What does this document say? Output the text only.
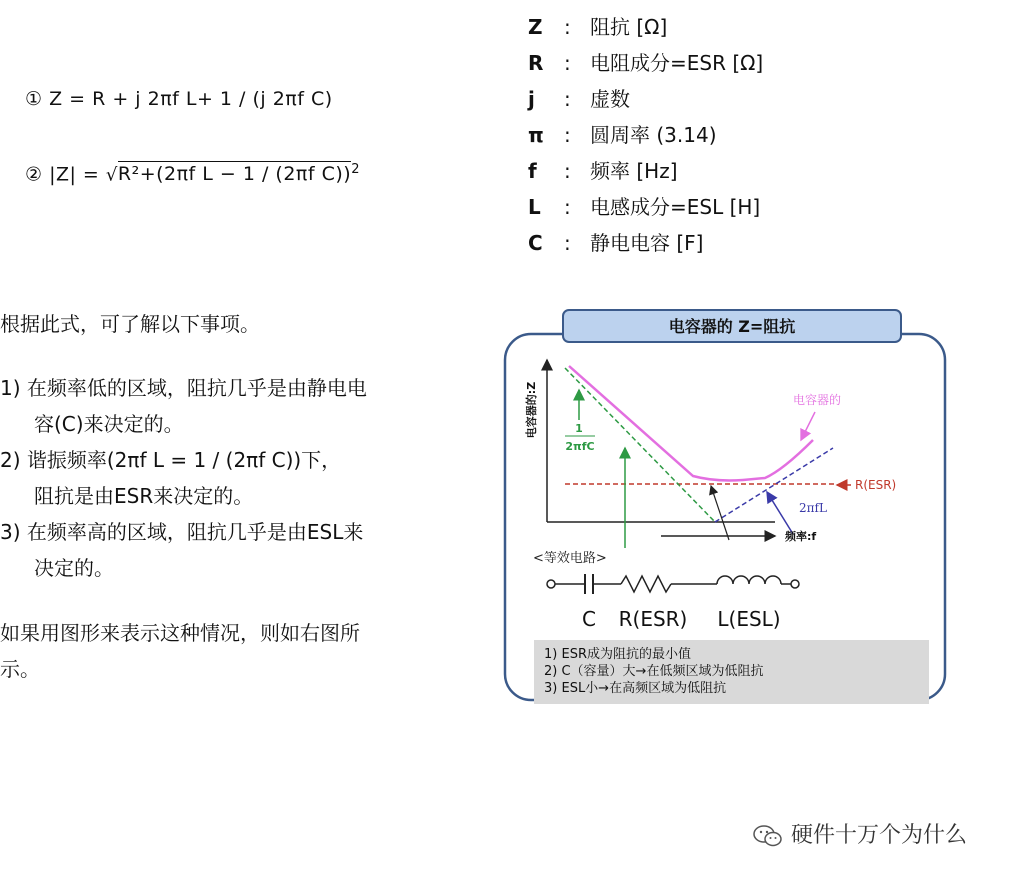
① Z = R + j 2πf L+ 1 / (j 2πf C)
② |Z| = √R²+(2πf L − 1 / (2πf C))$^2$
Z : 阻抗 [Ω]
R : 电阻成分=ESR [Ω]
j : 虚数
π : 圆周率 (3.14)
f : 频率 [Hz]
L : 电感成分=ESL [H]
C : 静电电容 [F]
根据此式，可了解以下事项。
1) 在频率低的区域，阻抗几乎是由静电电
容(C)来决定的。
2) 谐振频率(2πf L = 1 / (2πf C))下，
阻抗是由ESR来决定的。
3) 在频率高的区域，阻抗几乎是由ESL来
决定的。
如果用图形来表示这种情况，则如右图所
示。
电容器的 Z=阻抗
电容器的:Z	电容器的
R(ESR)
2πfL
1
2πfC
频率:f
<等效电路>
C R(ESR) L(ESL)
1) ESR成为阻抗的最小值
2) C（容量）大→在低频区域为低阻抗
3) ESL小→在高频区域为低阻抗
硬件十万个为什么
